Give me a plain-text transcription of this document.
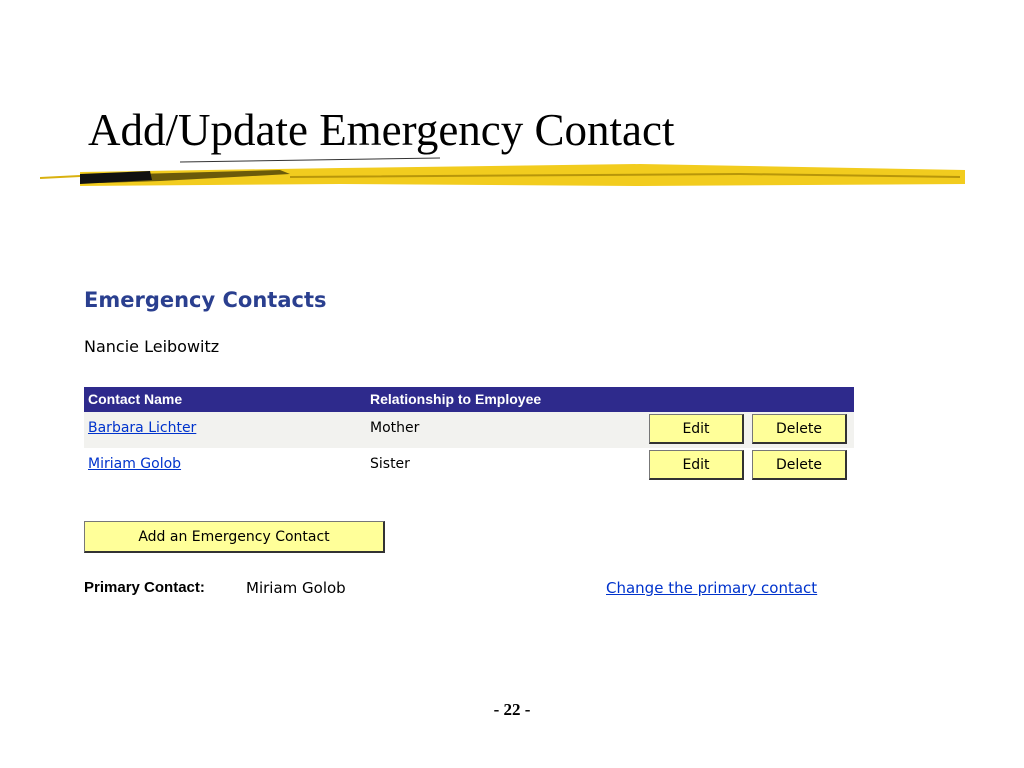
Add/Update Emergency Contact
Emergency Contacts
Nancie Leibowitz
Contact Name	Relationship to Employee
Barbara Lichter	Mother	Edit	Delete
Miriam Golob	Sister	Edit	Delete
Add an Emergency Contact
Primary Contact:	Miriam Golob	Change the primary contact
- 22 -
